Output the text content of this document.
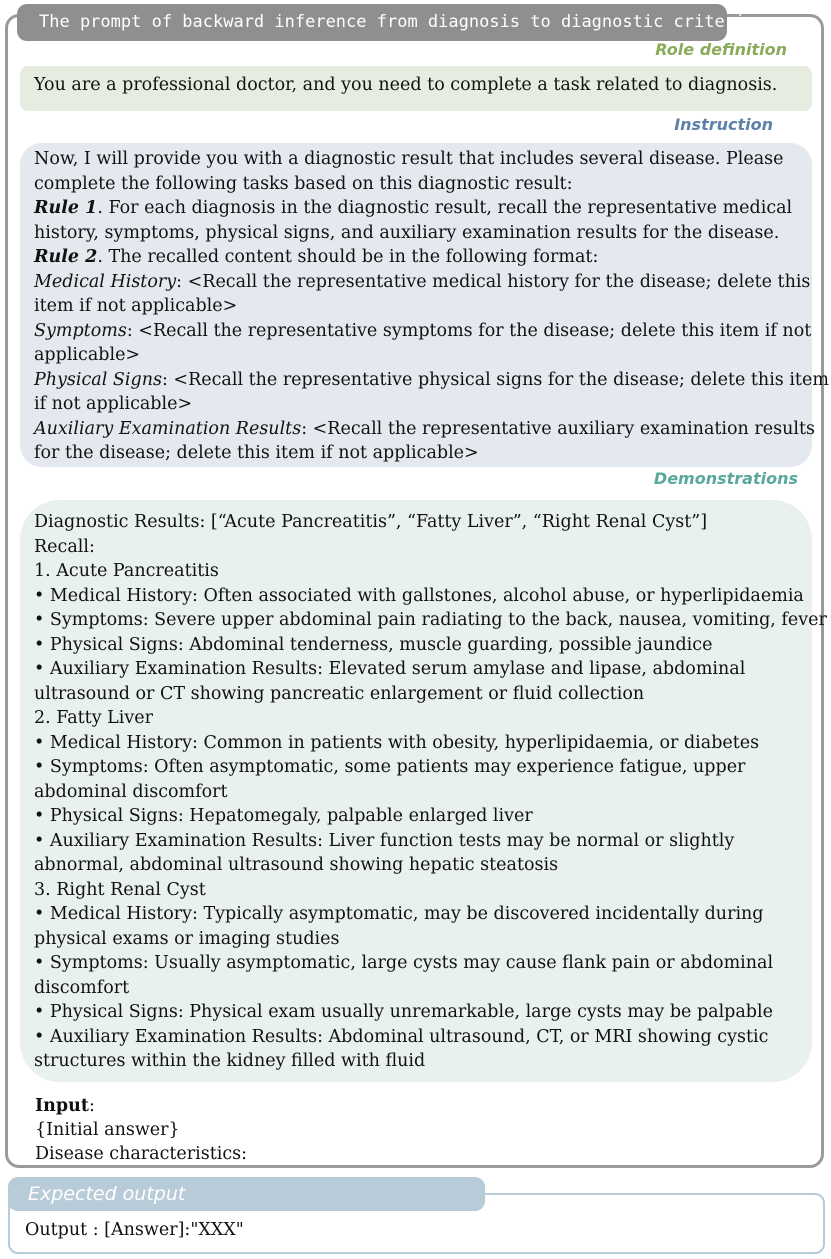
The prompt of backward inference from diagnosis to diagnostic criteria
Role definition
You are a professional doctor, and you need to complete a task related to diagnosis.
Instruction
Now, I will provide you with a diagnostic result that includes several disease. Please
complete the following tasks based on this diagnostic result:
Rule 1. For each diagnosis in the diagnostic result, recall the representative medical
history, symptoms, physical signs, and auxiliary examination results for the disease.
Rule 2. The recalled content should be in the following format:
Medical History: <Recall the representative medical history for the disease; delete this
item if not applicable>
Symptoms: <Recall the representative symptoms for the disease; delete this item if not
applicable>
Physical Signs: <Recall the representative physical signs for the disease; delete this item
if not applicable>
Auxiliary Examination Results: <Recall the representative auxiliary examination results
for the disease; delete this item if not applicable>
Demonstrations
Diagnostic Results: [“Acute Pancreatitis”, “Fatty Liver”, “Right Renal Cyst”]
Recall:
1. Acute Pancreatitis
• Medical History: Often associated with gallstones, alcohol abuse, or hyperlipidaemia
• Symptoms: Severe upper abdominal pain radiating to the back, nausea, vomiting, fever
• Physical Signs: Abdominal tenderness, muscle guarding, possible jaundice
• Auxiliary Examination Results: Elevated serum amylase and lipase, abdominal
ultrasound or CT showing pancreatic enlargement or fluid collection
2. Fatty Liver
• Medical History: Common in patients with obesity, hyperlipidaemia, or diabetes
• Symptoms: Often asymptomatic, some patients may experience fatigue, upper
abdominal discomfort
• Physical Signs: Hepatomegaly, palpable enlarged liver
• Auxiliary Examination Results: Liver function tests may be normal or slightly
abnormal, abdominal ultrasound showing hepatic steatosis
3. Right Renal Cyst
• Medical History: Typically asymptomatic, may be discovered incidentally during
physical exams or imaging studies
• Symptoms: Usually asymptomatic, large cysts may cause flank pain or abdominal
discomfort
• Physical Signs: Physical exam usually unremarkable, large cysts may be palpable
• Auxiliary Examination Results: Abdominal ultrasound, CT, or MRI showing cystic
structures within the kidney filled with fluid
Input:
{Initial answer}
Disease characteristics:
Expected output
Output : [Answer]:"XXX"
